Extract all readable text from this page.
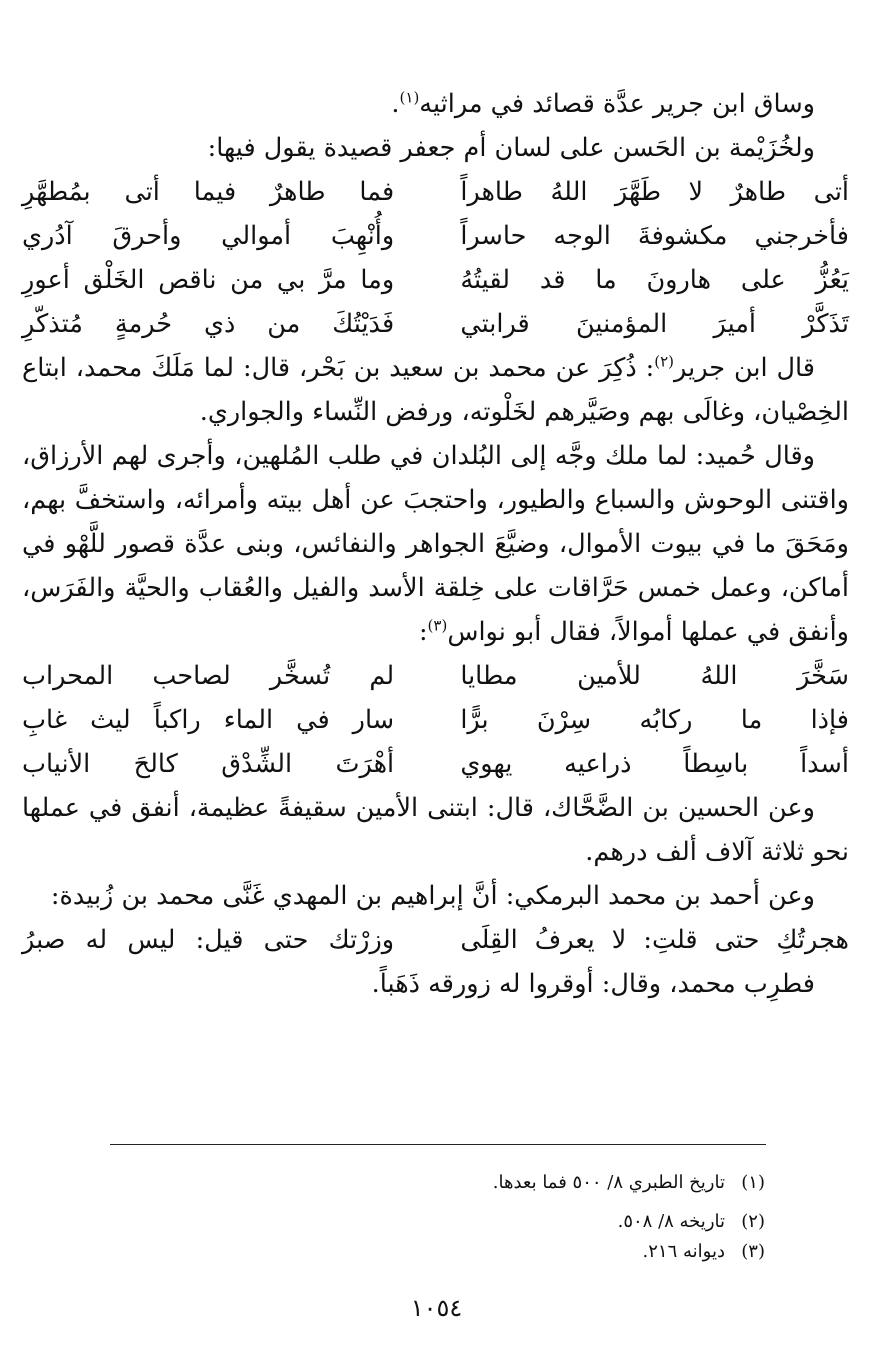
وساق ابن جرير عدَّة قصائد في مراثيه$^{(١)}$.

ولخُزَيْمة بن الحَسن على لسان أم جعفر قصيدة يقول فيها:

أتى طاهرٌ لا طَهَّرَ اللهُ طاهراً
فما طاهرٌ فيما أتى بمُطهَّرِ
فأخرجني مكشوفةَ الوجه حاسراً
وأُنْهِبَ أموالي وأحرقَ آدُري
يَعُزُّ على هارونَ ما قد لقيتُهُ
وما مرَّ بي من ناقص الخَلْق أعورِ
تَذَكَّرْ أميرَ المؤمنينَ قرابتي
فَدَيْتُكَ من ذي حُرمةٍ مُتذكّرِ

قال ابن جرير$^{(٢)}$: ذُكِرَ عن محمد بن سعيد بن بَحْر، قال: لما مَلَكَ محمد، ابتاع الخِصْيان، وغالَى بهم وصَيَّرهم لخَلْوته، ورفض النِّساء والجواري.

وقال حُميد: لما ملك وجَّه إلى البُلدان في طلب المُلهين، وأجرى لهم الأرزاق، واقتنى الوحوش والسباع والطيور، واحتجبَ عن أهل بيته وأمرائه، واستخفَّ بهم، ومَحَقَ ما في بيوت الأموال، وضيَّعَ الجواهر والنفائس، وبنى عدَّة قصور للَّهْو في أماكن، وعمل خمس حَرَّاقات على خِلقة الأسد والفيل والعُقاب والحيَّة والفَرَس، وأنفق في عملها أموالاً، فقال أبو نواس$^{(٣)}$:

سَخَّرَ اللهُ للأمين مطايا
لم تُسخَّر لصاحب المحراب
فإذا ما ركابُه سِرْنَ برًّا
سار في الماء راكباً ليث غابِ
أسداً باسِطاً ذراعيه يهوي
أهْرَتَ الشِّدْق كالحَ الأنياب

وعن الحسين بن الضَّحَّاك، قال: ابتنى الأمين سقيفةً عظيمة، أنفق في عملها نحو ثلاثة آلاف ألف درهم.

وعن أحمد بن محمد البرمكي: أنَّ إبراهيم بن المهدي غَنَّى محمد بن زُبيدة:

هجرتُكِ حتى قلتِ: لا يعرفُ القِلَى
وزرْتك حتى قيل: ليس له صبرُ

فطرِب محمد، وقال: أوقروا له زورقه ذَهَباً.

(١)تاريخ الطبري ٨/ ٥٠٠ فما بعدها.
(٢)تاريخه ٨/ ٥٠٨.
(٣)ديوانه ٢١٦.
١٠٥٤
